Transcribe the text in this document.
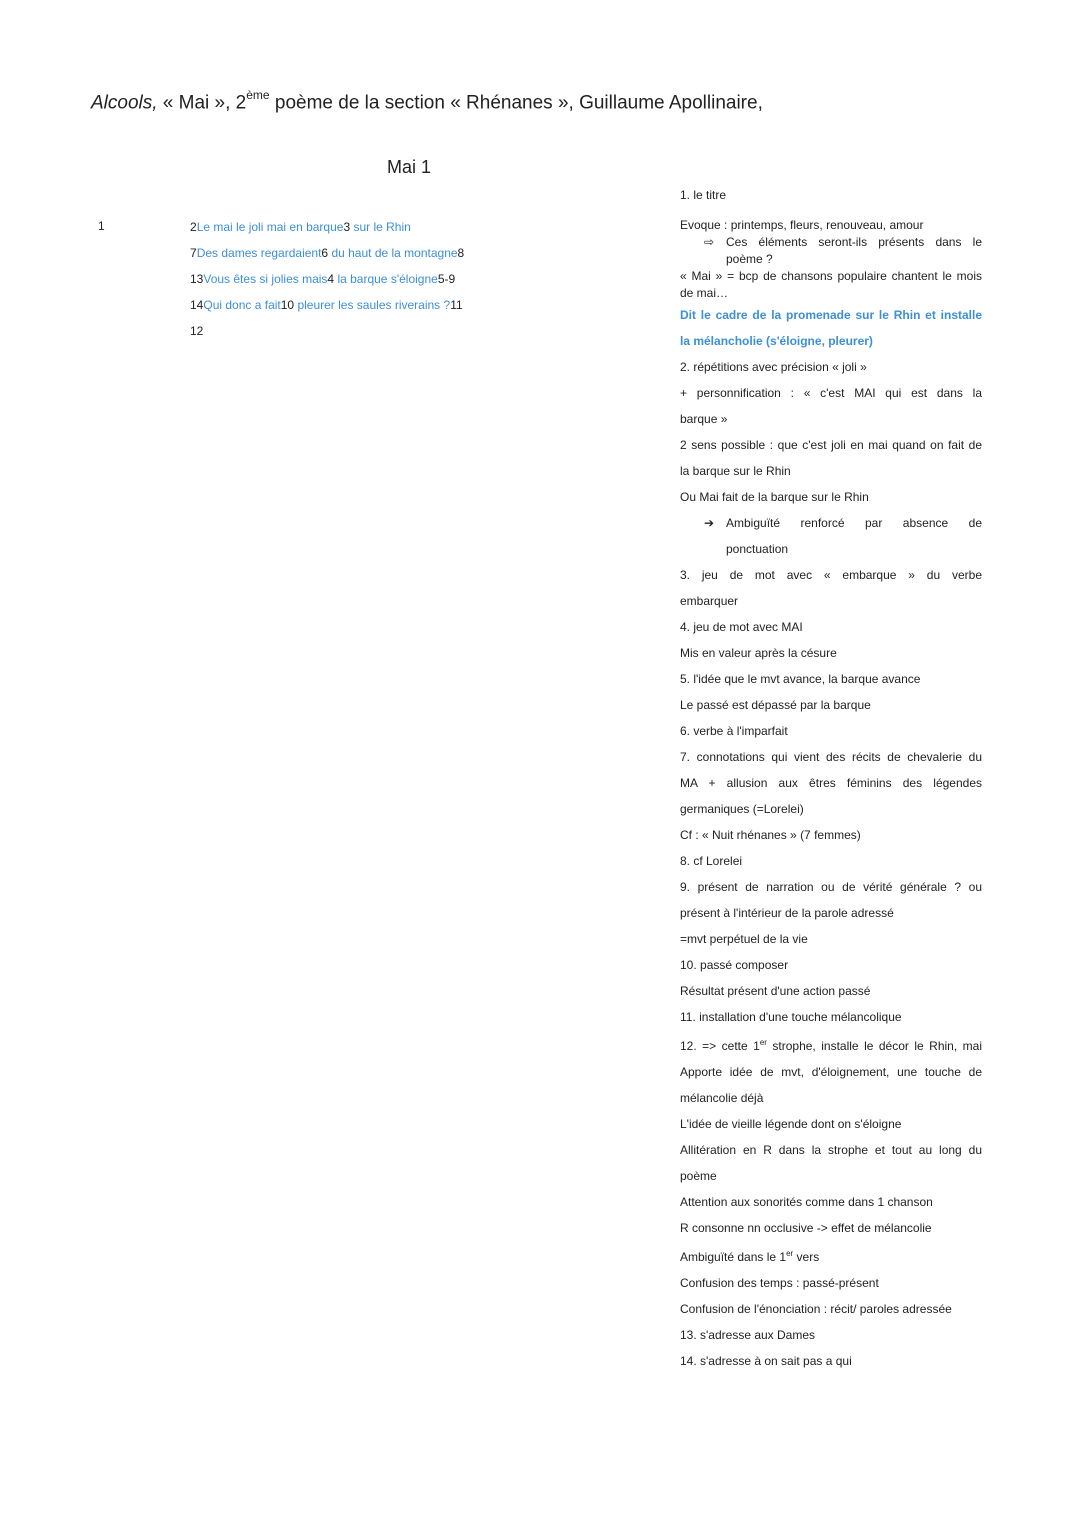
Alcools, « Mai », 2ème poème de la section « Rhénanes », Guillaume Apollinaire,
Mai 1
1	2Le mai le joli mai en barque3 sur le Rhin
7Des dames regardaient6 du haut de la montagne8
13Vous êtes si jolies mais4 la barque s'éloigne5-9
14Qui donc a fait10 pleurer les saules riverains ?11
12
1. le titre
Evoque : printemps, fleurs, renouveau, amour
⇨ Ces éléments seront-ils présents dans le poème ?
« Mai » = bcp de chansons populaire chantent le mois de mai…
Dit le cadre de la promenade sur le Rhin et installe
la mélancholie (s'éloigne, pleurer)
2. répétitions avec précision « joli »
+ personnification : « c'est MAI qui est dans la
barque »
2 sens possible : que c'est joli en mai quand on fait de
la barque sur le Rhin
Ou Mai fait de la barque sur le Rhin
➔ Ambiguïté renforcé par absence de
ponctuation
3. jeu de mot avec « embarque » du verbe
embarquer
4. jeu de mot avec MAI
Mis en valeur après la césure
5. l'idée que le mvt avance, la barque avance
Le passé est dépassé par la barque
6. verbe à l'imparfait
7. connotations qui vient des récits de chevalerie du
MA + allusion aux êtres féminins des légendes
germaniques (=Lorelei)
Cf : « Nuit rhénanes » (7 femmes)
8. cf Lorelei
9. présent de narration ou de vérité générale ? ou
présent à l'intérieur de la parole adressé
=mvt perpétuel de la vie
10. passé composer
Résultat présent d'une action passé
11. installation d'une touche mélancolique
12. => cette 1er strophe, installe le décor le Rhin, mai
Apporte idée de mvt, d'éloignement, une touche de
mélancolie déjà
L'idée de vieille légende dont on s'éloigne
Allitération en R dans la strophe et tout au long du
poème
Attention aux sonorités comme dans 1 chanson
R consonne nn occlusive -> effet de mélancolie
Ambiguïté dans le 1er vers
Confusion des temps : passé-présent
Confusion de l'énonciation : récit/ paroles adressée
13. s'adresse aux Dames
14. s'adresse à on sait pas a qui
